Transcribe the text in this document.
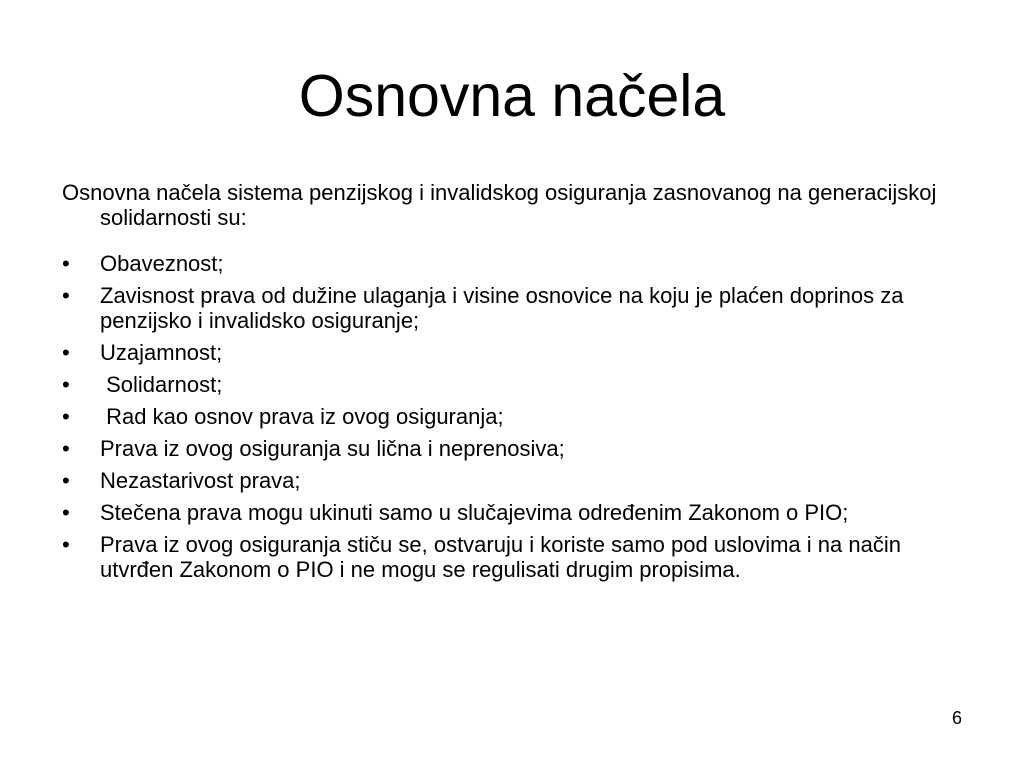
Osnovna načela

Osnovna načela sistema penzijskog i invalidskog osiguranja zasnovanog na generacijskoj solidarnosti su:

• Obaveznost;
• Zavisnost prava od dužine ulaganja i visine osnovice na koju je plaćen doprinos za penzijsko i invalidsko osiguranje;
• Uzajamnost;
• Solidarnost;
• Rad kao osnov prava iz ovog osiguranja;
• Prava iz ovog osiguranja su lična i neprenosiva;
• Nezastarivost prava;
• Stečena prava mogu ukinuti samo u slučajevima određenim Zakonom o PIO;
• Prava iz ovog osiguranja stiču se, ostvaruju i koriste samo pod uslovima i na način utvrđen Zakonom o PIO i ne mogu se regulisati drugim propisima.
6
